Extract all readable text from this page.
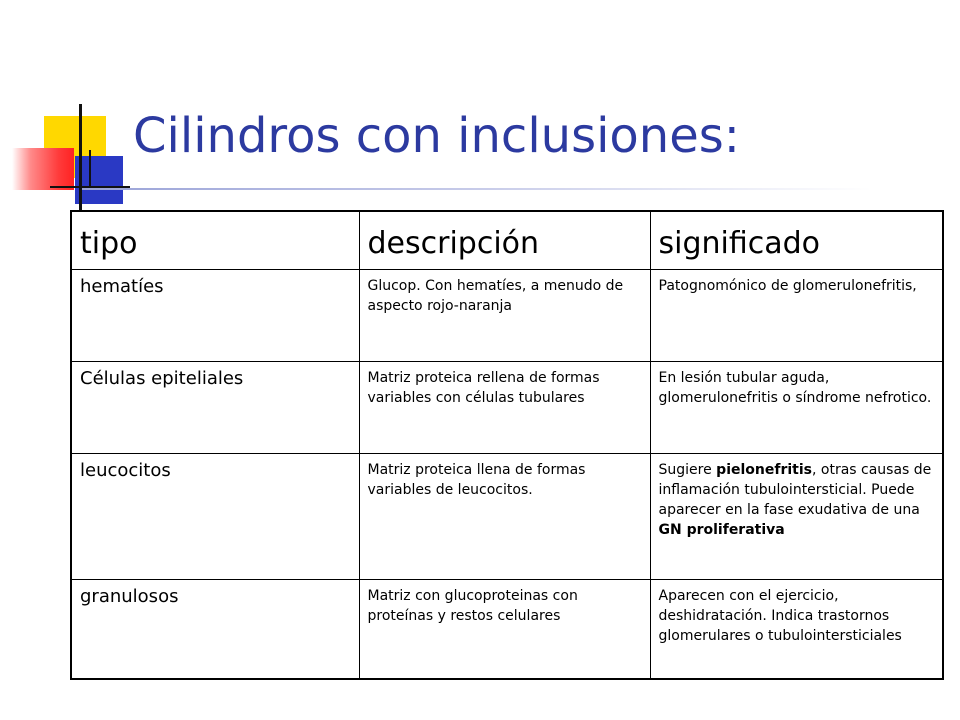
Cilindros con inclusiones:
tipo	descripción	significado
hematíes	Glucop. Con hematíes, a menudo de aspecto rojo-naranja	Patognomónico de glomerulonefritis,
Células epiteliales	Matriz proteica rellena de formas variables con células tubulares	En lesión tubular aguda, glomerulonefritis o síndrome nefrotico.
leucocitos	Matriz proteica llena de formas variables de leucocitos.	Sugiere pielonefritis, otras causas de inflamación tubulointersticial. Puede aparecer en la fase exudativa de una GN proliferativa
granulosos	Matriz con glucoproteinas con proteínas y restos celulares	Aparecen con el ejercicio, deshidratación. Indica trastornos glomerulares o tubulointersticiales
